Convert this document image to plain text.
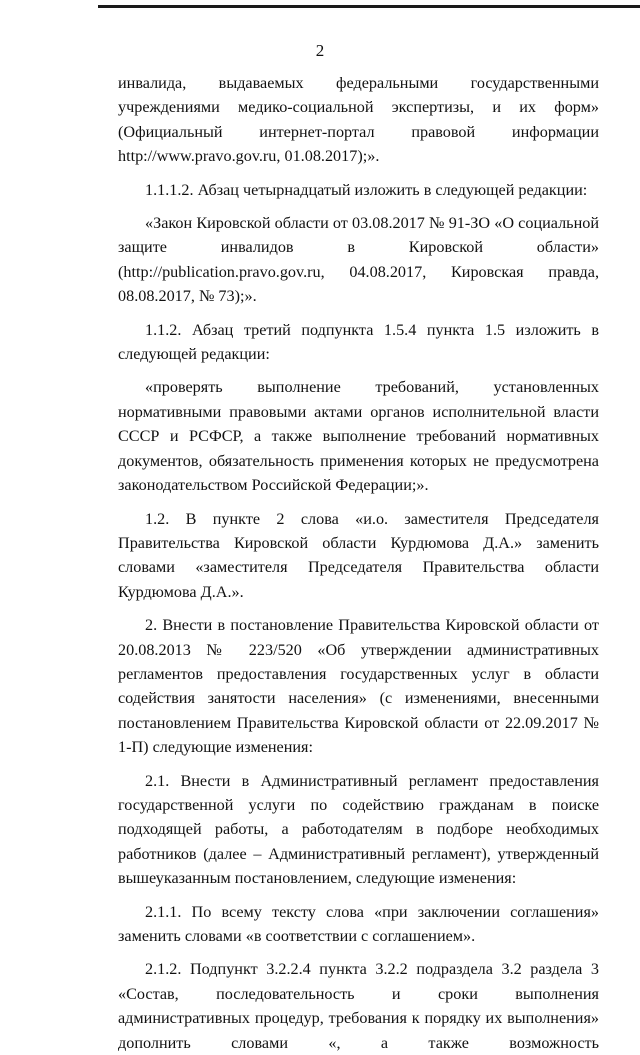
2

инвалида, выдаваемых федеральными государственными учреждениями медико-социальной экспертизы, и их форм» (Официальный интернет-портал правовой информации http://www.pravo.gov.ru, 01.08.2017);».

1.1.1.2. Абзац четырнадцатый изложить в следующей редакции:

«Закон Кировской области от 03.08.2017 № 91-ЗО «О социальной защите инвалидов в Кировской области» (http://publication.pravo.gov.ru, 04.08.2017, Кировская правда, 08.08.2017, № 73);».

1.1.2. Абзац третий подпункта 1.5.4 пункта 1.5 изложить в следующей редакции:

«проверять выполнение требований, установленных нормативными правовыми актами органов исполнительной власти СССР и РСФСР, а также выполнение требований нормативных документов, обязательность применения которых не предусмотрена законодательством Российской Федерации;».

1.2. В пункте 2 слова «и.о. заместителя Председателя Правительства Кировской области Курдюмова Д.А.» заменить словами «заместителя Председателя Правительства области Курдюмова Д.А.».

2. Внести в постановление Правительства Кировской области от 20.08.2013 № 223/520 «Об утверждении административных регламентов предоставления государственных услуг в области содействия занятости населения» (с изменениями, внесенными постановлением Правительства Кировской области от 22.09.2017 № 1-П) следующие изменения:

2.1. Внести в Административный регламент предоставления государственной услуги по содействию гражданам в поиске подходящей работы, а работодателям в подборе необходимых работников (далее – Административный регламент), утвержденный вышеуказанным постановлением, следующие изменения:

2.1.1. По всему тексту слова «при заключении соглашения» заменить словами «в соответствии с соглашением».

2.1.2. Подпункт 3.2.2.4 пункта 3.2.2 подраздела 3.2 раздела 3 «Состав, последовательность и сроки выполнения административных процедур, требования к порядку их выполнения» дополнить словами «, а также возможность
